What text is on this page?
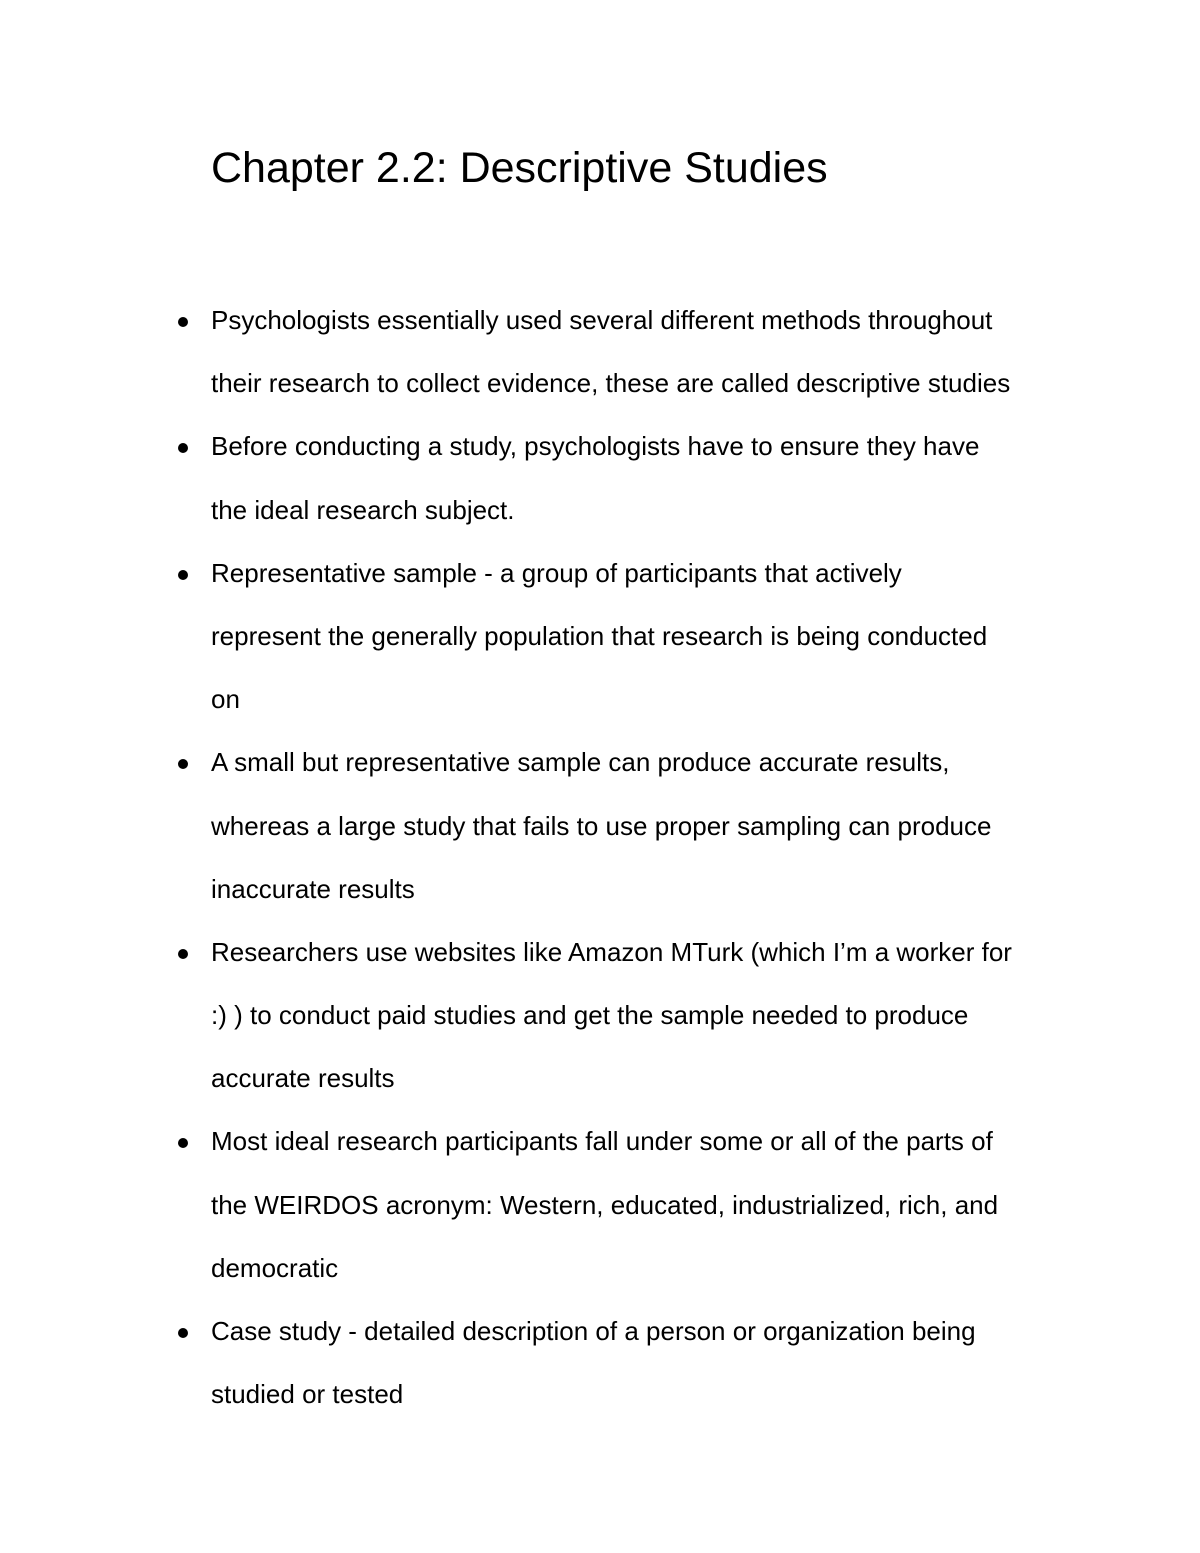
Chapter 2.2: Descriptive Studies
Psychologists essentially used several different methods throughout
their research to collect evidence, these are called descriptive studies
Before conducting a study, psychologists have to ensure they have
the ideal research subject.
Representative sample - a group of participants that actively
represent the generally population that research is being conducted
on
A small but representative sample can produce accurate results,
whereas a large study that fails to use proper sampling can produce
inaccurate results
Researchers use websites like Amazon MTurk (which I’m a worker for
:) ) to conduct paid studies and get the sample needed to produce
accurate results
Most ideal research participants fall under some or all of the parts of
the WEIRDOS acronym: Western, educated, industrialized, rich, and
democratic
Case study - detailed description of a person or organization being
studied or tested
